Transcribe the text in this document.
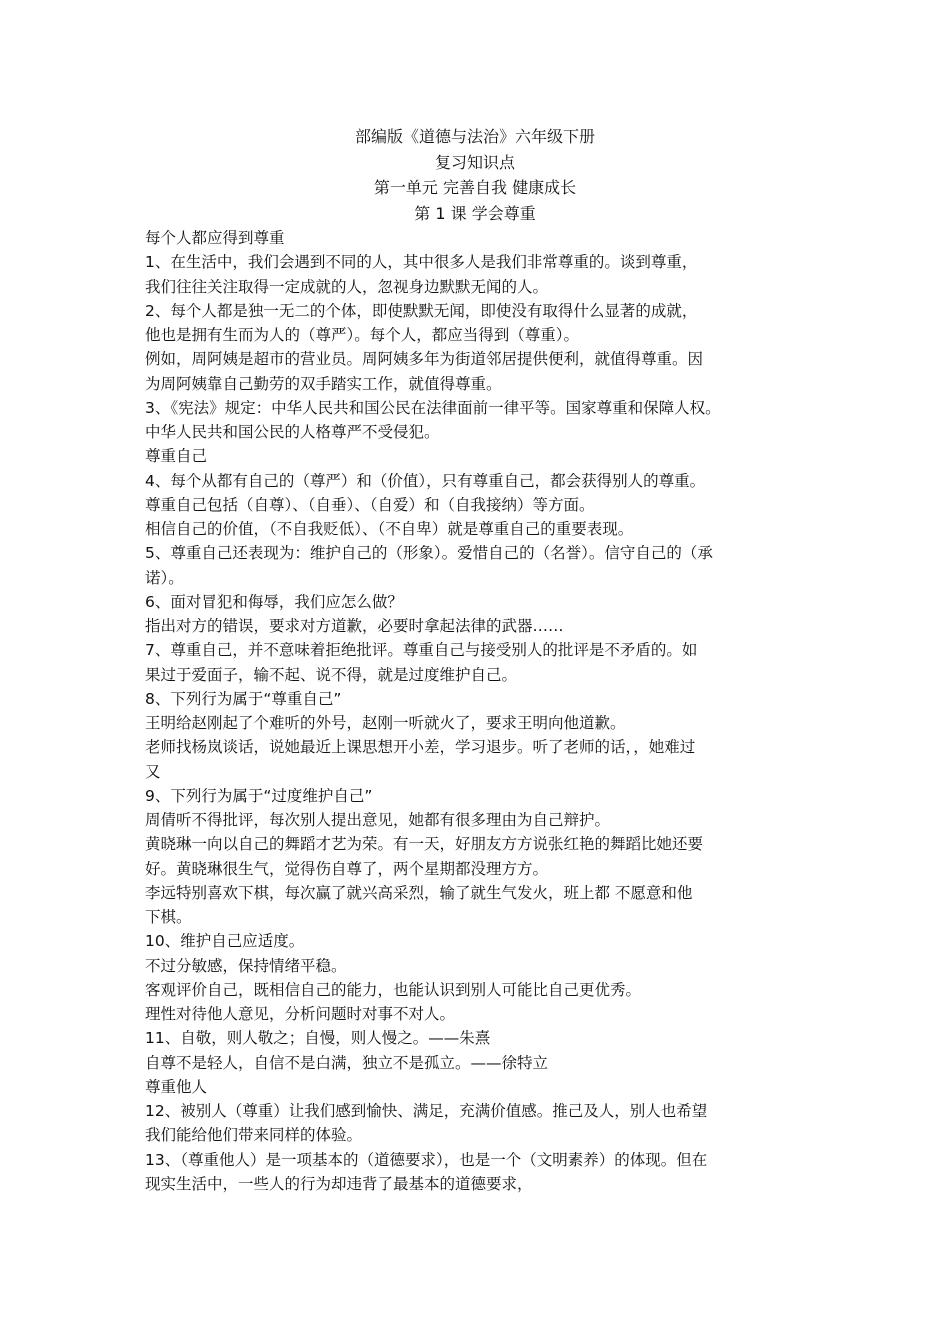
部编版《道德与法治》六年级下册
复习知识点
第一单元 完善自我 健康成长
第 1 课 学会尊重
每个人都应得到尊重
1、在生活中，我们会遇到不同的人，其中很多人是我们非常尊重的。谈到尊重，
我们往往关注取得一定成就的人，忽视身边默默无闻的人。
2、每个人都是独一无二的个体，即使默默无闻，即使没有取得什么显著的成就，
他也是拥有生而为人的（尊严）。每个人，都应当得到（尊重）。
例如，周阿姨是超市的营业员。周阿姨多年为街道邻居提供便利，就值得尊重。因
为周阿姨靠自己勤劳的双手踏实工作，就值得尊重。
3、《宪法》规定：中华人民共和国公民在法律面前一律平等。国家尊重和保障人权。
中华人民共和国公民的人格尊严不受侵犯。
尊重自己
4、每个从都有自己的（尊严）和（价值），只有尊重自己，都会获得别人的尊重。
尊重自己包括（自尊）、（自垂）、（自爱）和（自我接纳）等方面。
相信自己的价值，（不自我贬低）、（不自卑）就是尊重自己的重要表现。
5、尊重自己还表现为：维护自己的（形象）。爱惜自己的（名誉）。信守自己的（承
诺）。
6、面对冒犯和侮辱，我们应怎么做？
指出对方的错误，要求对方道歉，必要时拿起法律的武器……
7、尊重自己，并不意味着拒绝批评。尊重自己与接受别人的批评是不矛盾的。如
果过于爱面子，输不起、说不得，就是过度维护自己。
8、下列行为属于“尊重自己”
王明给赵刚起了个难听的外号，赵刚一听就火了，要求王明向他道歉。
老师找杨岚谈话，说她最近上课思想开小差，学习退步。听了老师的话，，她难过
又
9、下列行为属于“过度维护自己”
周倩听不得批评，每次别人提出意见，她都有很多理由为自己辩护。
黄晓琳一向以自己的舞蹈才艺为荣。有一天，好朋友方方说张红艳的舞蹈比她还要
好。黄晓琳很生气，觉得伤自尊了，两个星期都没理方方。
李远特别喜欢下棋，每次赢了就兴高采烈，输了就生气发火，班上都 不愿意和他
下棋。
10、维护自己应适度。
不过分敏感，保持情绪平稳。
客观评价自己，既相信自己的能力，也能认识到别人可能比自己更优秀。
理性对待他人意见，分析问题时对事不对人。
11、自敬，则人敬之；自慢，则人慢之。——朱熹
自尊不是轻人，自信不是白满，独立不是孤立。——徐特立
尊重他人
12、被别人（尊重）让我们感到愉快、满足，充满价值感。推己及人，别人也希望
我们能给他们带来同样的体验。
13、（尊重他人）是一项基本的（道德要求），也是一个（文明素养）的体现。但在
现实生活中，一些人的行为却违背了最基本的道德要求，
